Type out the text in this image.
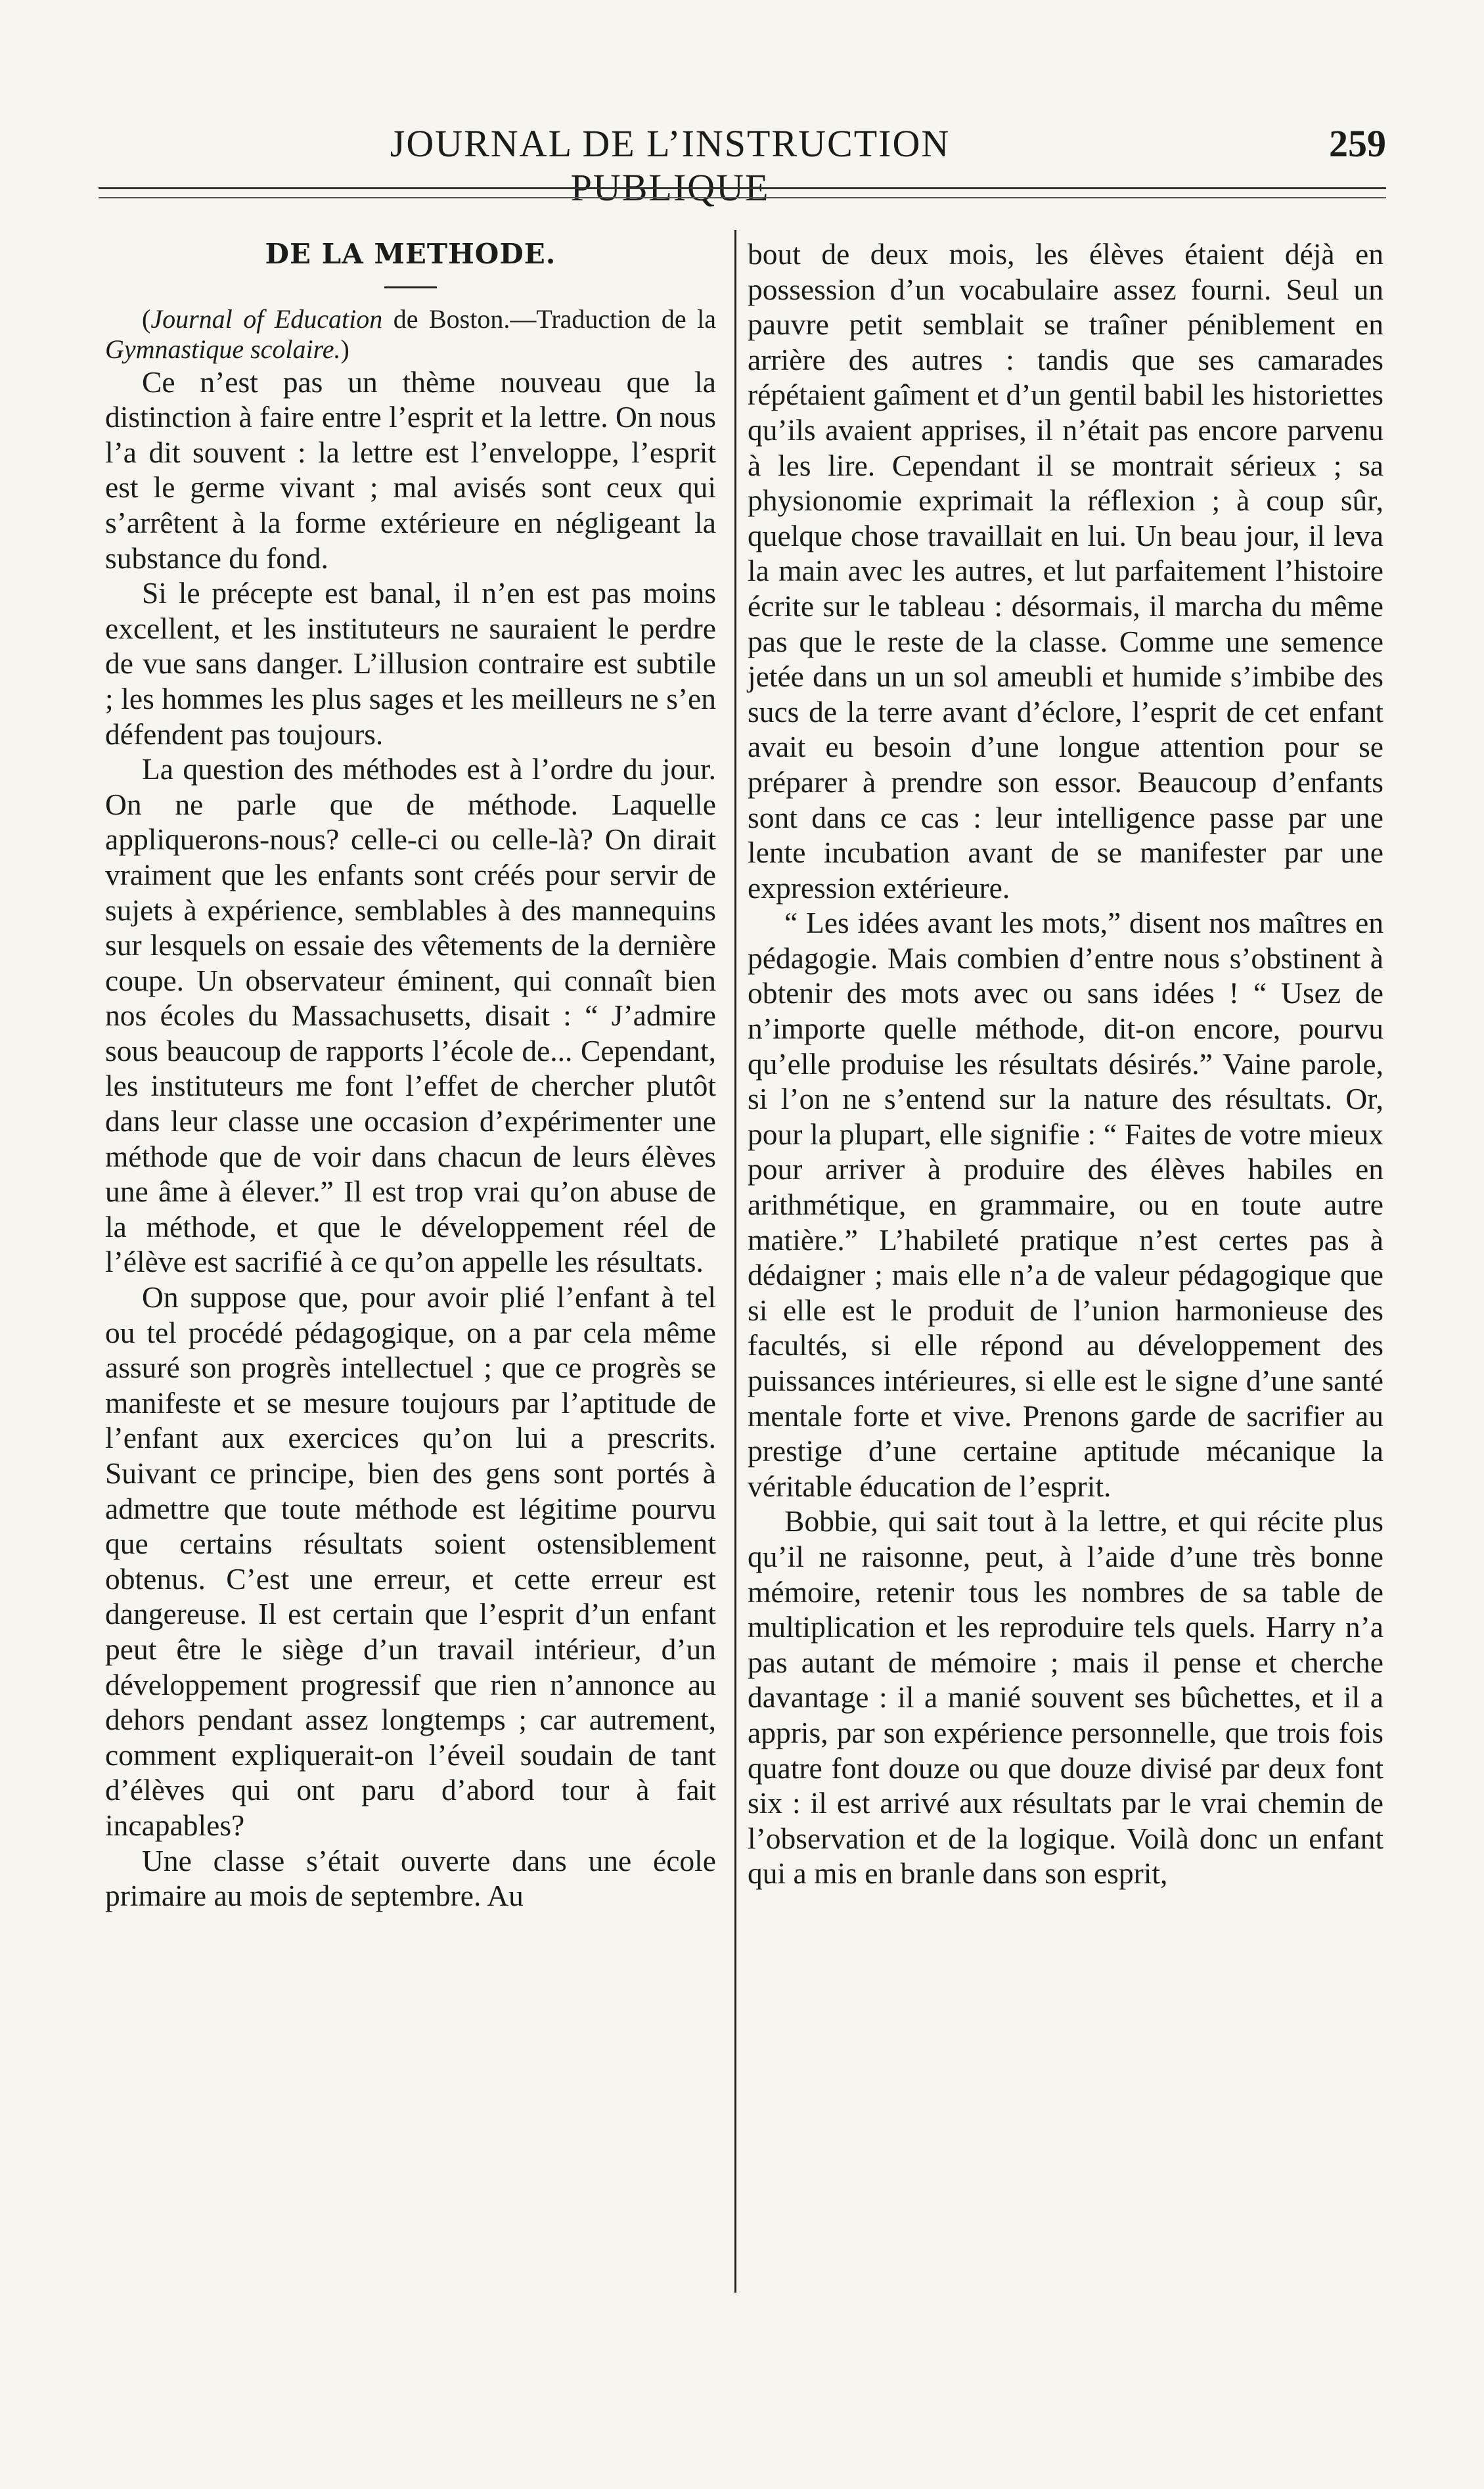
JOURNAL DE L’INSTRUCTION PUBLIQUE
259
DE LA METHODE.

(Journal of Education de Boston.—Traduction de la Gymnastique scolaire.)

Ce n’est pas un thème nouveau que la distinction à faire entre l’esprit et la lettre. On nous l’a dit souvent : la lettre est l’enveloppe, l’esprit est le germe vivant ; mal avisés sont ceux qui s’arrêtent à la forme extérieure en négligeant la substance du fond.

Si le précepte est banal, il n’en est pas moins excellent, et les instituteurs ne sauraient le perdre de vue sans danger. L’illusion contraire est subtile ; les hommes les plus sages et les meilleurs ne s’en défendent pas toujours.

La question des méthodes est à l’ordre du jour. On ne parle que de méthode. Laquelle appliquerons-nous? celle-ci ou celle-là? On dirait vraiment que les enfants sont créés pour servir de sujets à expérience, semblables à des mannequins sur lesquels on essaie des vêtements de la dernière coupe. Un observateur éminent, qui connaît bien nos écoles du Massachusetts, disait : “ J’admire sous beaucoup de rapports l’école de... Cependant, les instituteurs me font l’effet de chercher plutôt dans leur classe une occasion d’expérimenter une méthode que de voir dans chacun de leurs élèves une âme à élever.” Il est trop vrai qu’on abuse de la méthode, et que le développement réel de l’élève est sacrifié à ce qu’on appelle les résultats.

On suppose que, pour avoir plié l’enfant à tel ou tel procédé pédagogique, on a par cela même assuré son progrès intellectuel ; que ce progrès se manifeste et se mesure toujours par l’aptitude de l’enfant aux exercices qu’on lui a prescrits. Suivant ce principe, bien des gens sont portés à admettre que toute méthode est légitime pourvu que certains résultats soient ostensiblement obtenus. C’est une erreur, et cette erreur est dangereuse. Il est certain que l’esprit d’un enfant peut être le siège d’un travail intérieur, d’un développement progressif que rien n’annonce au dehors pendant assez longtemps ; car autrement, comment expliquerait-on l’éveil soudain de tant d’élèves qui ont paru d’abord tour à fait incapables?

Une classe s’était ouverte dans une école primaire au mois de septembre. Au

bout de deux mois, les élèves étaient déjà en possession d’un vocabulaire assez fourni. Seul un pauvre petit semblait se traîner péniblement en arrière des autres : tandis que ses camarades répétaient gaîment et d’un gentil babil les historiettes qu’ils avaient apprises, il n’était pas encore parvenu à les lire. Cependant il se montrait sérieux ; sa physionomie exprimait la réflexion ; à coup sûr, quelque chose travaillait en lui. Un beau jour, il leva la main avec les autres, et lut parfaitement l’histoire écrite sur le tableau : désormais, il marcha du même pas que le reste de la classe. Comme une semence jetée dans un un sol ameubli et humide s’imbibe des sucs de la terre avant d’éclore, l’esprit de cet enfant avait eu besoin d’une longue attention pour se préparer à prendre son essor. Beaucoup d’enfants sont dans ce cas : leur intelligence passe par une lente incubation avant de se manifester par une expression extérieure.

“ Les idées avant les mots,” disent nos maîtres en pédagogie. Mais combien d’entre nous s’obstinent à obtenir des mots avec ou sans idées ! “ Usez de n’importe quelle méthode, dit-on encore, pourvu qu’elle produise les résultats désirés.” Vaine parole, si l’on ne s’entend sur la nature des résultats. Or, pour la plupart, elle signifie : “ Faites de votre mieux pour arriver à produire des élèves habiles en arithmétique, en grammaire, ou en toute autre matière.” L’habileté pratique n’est certes pas à dédaigner ; mais elle n’a de valeur pédagogique que si elle est le produit de l’union harmonieuse des facultés, si elle répond au développement des puissances intérieures, si elle est le signe d’une santé mentale forte et vive. Prenons garde de sacrifier au prestige d’une certaine aptitude mécanique la véritable éducation de l’esprit.

Bobbie, qui sait tout à la lettre, et qui récite plus qu’il ne raisonne, peut, à l’aide d’une très bonne mémoire, retenir tous les nombres de sa table de multiplication et les reproduire tels quels. Harry n’a pas autant de mémoire ; mais il pense et cherche davantage : il a manié souvent ses bûchettes, et il a appris, par son expérience personnelle, que trois fois quatre font douze ou que douze divisé par deux font six : il est arrivé aux résultats par le vrai chemin de l’observation et de la logique. Voilà donc un enfant qui a mis en branle dans son esprit,
